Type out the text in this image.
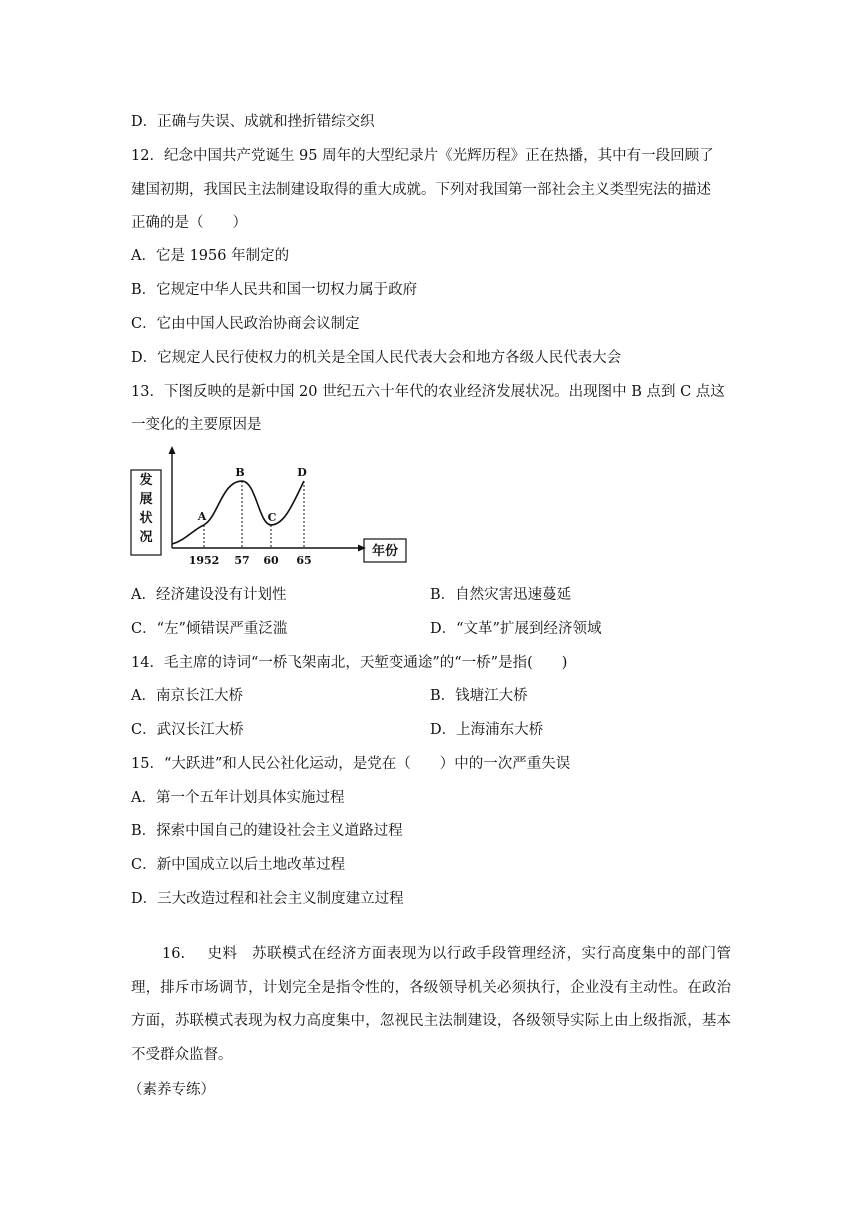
D．正确与失误、成就和挫折错综交织
12．纪念中国共产党诞生 95 周年的大型纪录片《光辉历程》正在热播，其中有一段回顾了
建国初期，我国民主法制建设取得的重大成就。下列对我国第一部社会主义类型宪法的描述
正确的是（　　）
A．它是 1956 年制定的
B．它规定中华人民共和国一切权力属于政府
C．它由中国人民政治协商会议制定
D．它规定人民行使权力的机关是全国人民代表大会和地方各级人民代表大会
13．下图反映的是新中国 20 世纪五六十年代的农业经济发展状况。出现图中 B 点到 C 点这
一变化的主要原因是
发
展
状
况
年份
A
B
C
D
1952 57 60 65
A．经济建设没有计划性	B．自然灾害迅速蔓延
C．“左”倾错误严重泛滥	D．“文革”扩展到经济领域
14．毛主席的诗词“一桥飞架南北，天堑变通途”的“一桥”是指(　　)
A．南京长江大桥	B．钱塘江大桥
C．武汉长江大桥	D．上海浦东大桥
15．“大跃进”和人民公社化运动，是党在（　　）中的一次严重失误
A．第一个五年计划具体实施过程
B．探索中国自己的建设社会主义道路过程
C．新中国成立以后土地改革过程
D．三大改造过程和社会主义制度建立过程
16. 史料 苏联模式在经济方面表现为以行政手段管理经济，实行高度集中的部门管理，排斥市场调节，计划完全是指令性的，各级领导机关必须执行，企业没有主动性。在政治方面，苏联模式表现为权力高度集中，忽视民主法制建设，各级领导实际上由上级指派，基本不受群众监督。
（素养专练）
